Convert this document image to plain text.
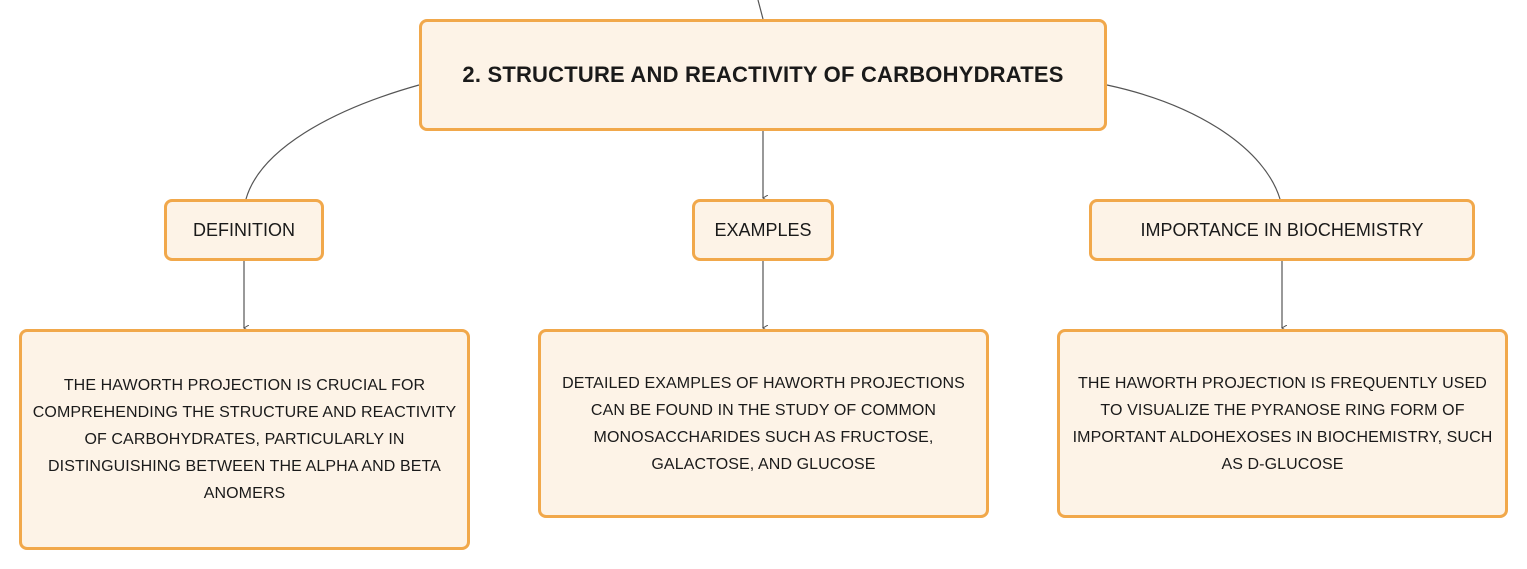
2. STRUCTURE AND REACTIVITY OF CARBOHYDRATES
DEFINITION	EXAMPLES	IMPORTANCE IN BIOCHEMISTRY
THE HAWORTH PROJECTION IS CRUCIAL FOR COMPREHENDING THE STRUCTURE AND REACTIVITY OF CARBOHYDRATES, PARTICULARLY IN DISTINGUISHING BETWEEN THE ALPHA AND BETA ANOMERS
DETAILED EXAMPLES OF HAWORTH PROJECTIONS CAN BE FOUND IN THE STUDY OF COMMON MONOSACCHARIDES SUCH AS FRUCTOSE, GALACTOSE, AND GLUCOSE
THE HAWORTH PROJECTION IS FREQUENTLY USED TO VISUALIZE THE PYRANOSE RING FORM OF IMPORTANT ALDOHEXOSES IN BIOCHEMISTRY, SUCH AS D-GLUCOSE
